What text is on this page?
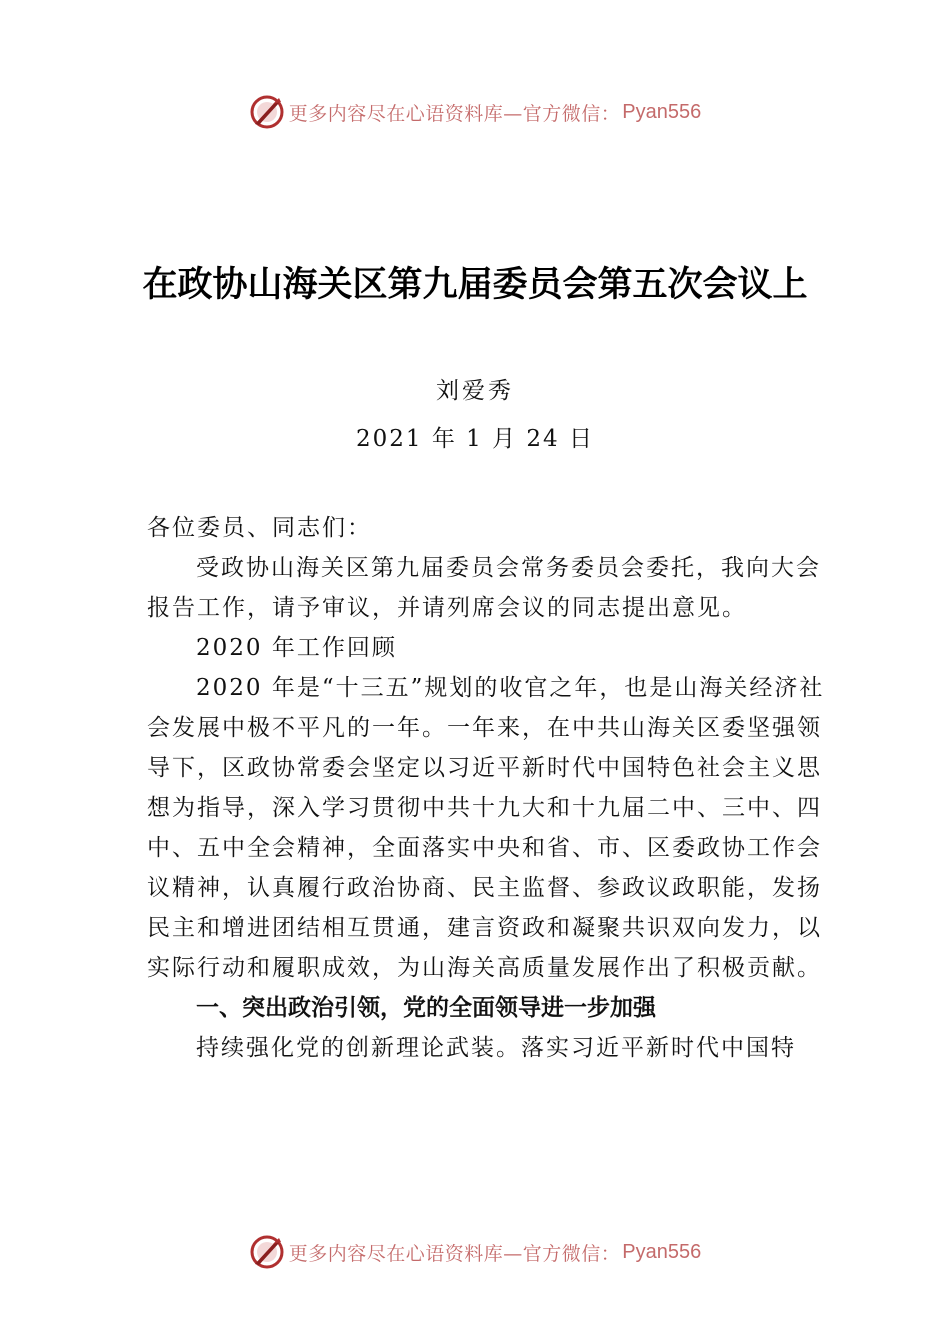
更多内容尽在心语资料库—官方微信： Pyan556
在政协山海关区第九届委员会第五次会议上
刘爱秀
2021 年 1 月 24 日

各位委员、同志们：

受政协山海关区第九届委员会常务委员会委托，我向大会报告工作，请予审议，并请列席会议的同志提出意见。

2020 年工作回顾

2020 年是“十三五”规划的收官之年，也是山海关经济社会发展中极不平凡的一年。一年来，在中共山海关区委坚强领导下，区政协常委会坚定以习近平新时代中国特色社会主义思想为指导，深入学习贯彻中共十九大和十九届二中、三中、四中、五中全会精神，全面落实中央和省、市、区委政协工作会议精神，认真履行政治协商、民主监督、参政议政职能，发扬民主和增进团结相互贯通，建言资政和凝聚共识双向发力，以实际行动和履职成效，为山海关高质量发展作出了积极贡献。

一、突出政治引领，党的全面领导进一步加强

持续强化党的创新理论武装。落实习近平新时代中国特

更多内容尽在心语资料库—官方微信： Pyan556
